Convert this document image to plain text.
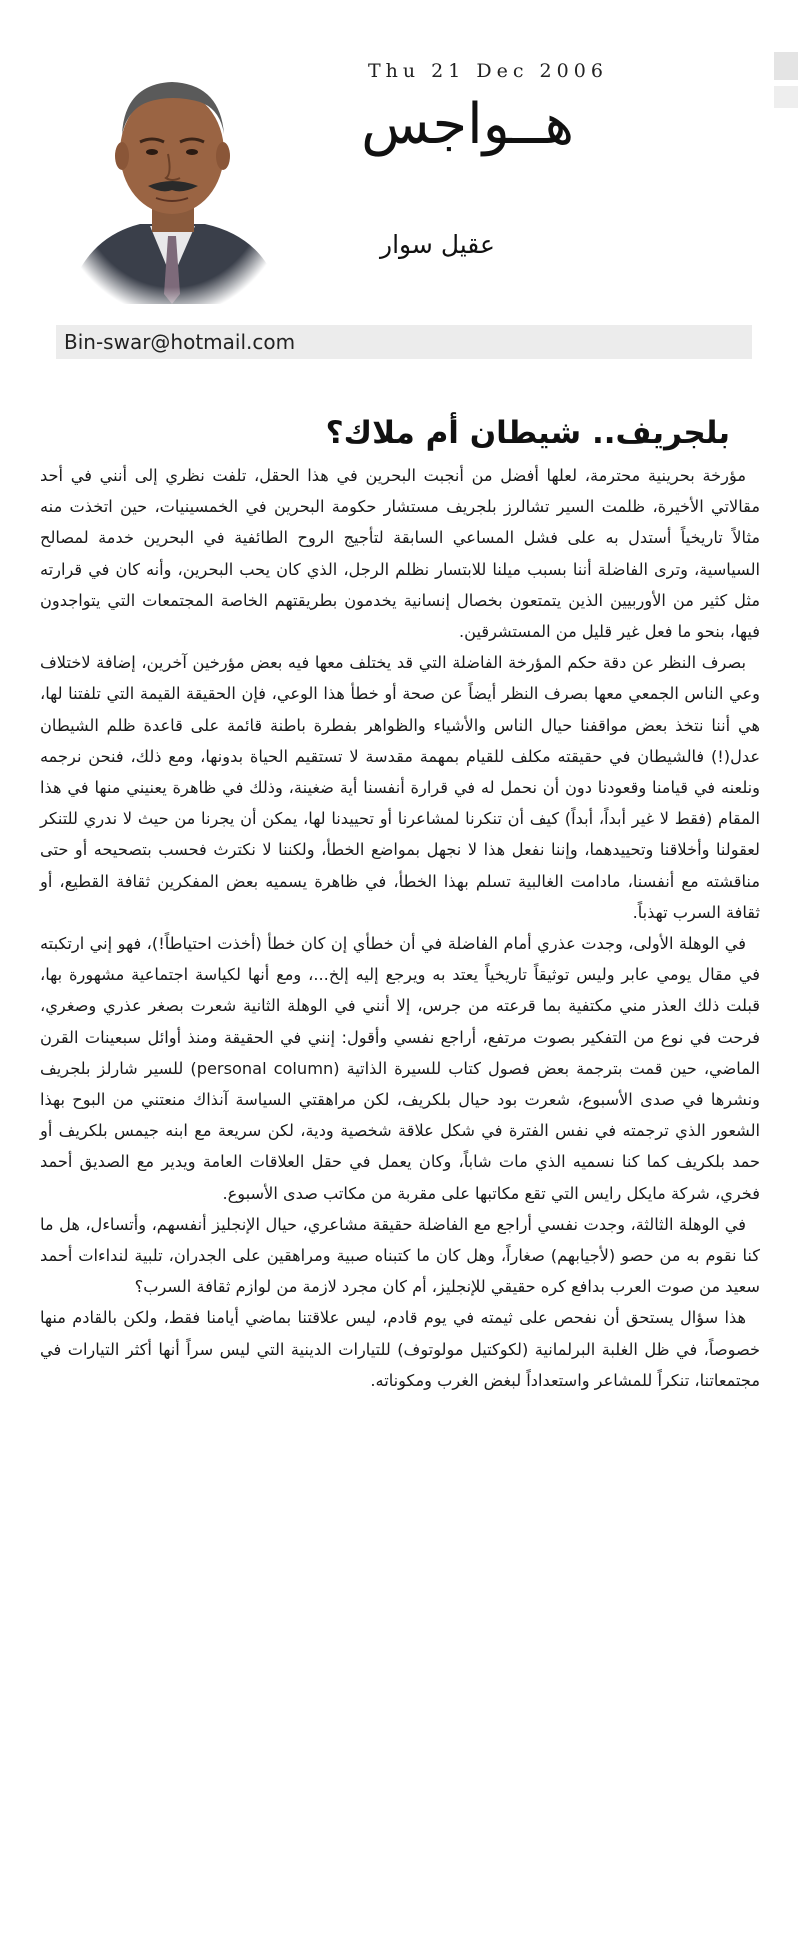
Thu 21 Dec 2006
هــواجس
عقيل سوار
Bin-swar@hotmail.com
بلجريف.. شيطان أم ملاك؟

مؤرخة بحرينية محترمة، لعلها أفضل من أنجبت البحرين في هذا الحقل، تلفت نظري إلى أنني في أحد مقالاتي الأخيرة، ظلمت السير تشالرز بلجريف مستشار حكومة البحرين في الخمسينيات، حين اتخذت منه مثالاً تاريخياً أستدل به على فشل المساعي السابقة لتأجيج الروح الطائفية في البحرين خدمة لمصالح السياسية، وترى الفاضلة أننا بسبب ميلنا للابتسار نظلم الرجل، الذي كان يحب البحرين، وأنه كان في قرارته مثل كثير من الأوربيين الذين يتمتعون بخصال إنسانية يخدمون بطريقتهم الخاصة المجتمعات التي يتواجدون فيها، بنحو ما فعل غير قليل من المستشرقين.

بصرف النظر عن دقة حكم المؤرخة الفاضلة التي قد يختلف معها فيه بعض مؤرخين آخرين، إضافة لاختلاف وعي الناس الجمعي معها بصرف النظر أيضاً عن صحة أو خطأ هذا الوعي، فإن الحقيقة القيمة التي تلفتنا لها، هي أننا نتخذ بعض مواقفنا حيال الناس والأشياء والظواهر بفطرة باطنة قائمة على قاعدة ظلم الشيطان عدل(!) فالشيطان في حقيقته مكلف للقيام بمهمة مقدسة لا تستقيم الحياة بدونها، ومع ذلك، فنحن نرجمه ونلعنه في قيامنا وقعودنا دون أن نحمل له في قرارة أنفسنا أية ضغينة، وذلك في ظاهرة يعنيني منها في هذا المقام (فقط لا غير أبداً، أبداً) كيف أن تنكرنا لمشاعرنا أو تحييدنا لها، يمكن أن يجرنا من حيث لا ندري للتنكر لعقولنا وأخلاقنا وتحييدهما، وإننا نفعل هذا لا نجهل بمواضع الخطأ، ولكننا لا نكترث فحسب بتصحيحه أو حتى مناقشته مع أنفسنا، مادامت الغالبية تسلم بهذا الخطأ، في ظاهرة يسميه بعض المفكرين ثقافة القطيع، أو ثقافة السرب تهذباً.

في الوهلة الأولى، وجدت عذري أمام الفاضلة في أن خطأي إن كان خطأ (أخذت احتياطاً!)، فهو إني ارتكبته في مقال يومي عابر وليس توثيقاً تاريخياً يعتد به ويرجع إليه إلخ...، ومع أنها لكياسة اجتماعية مشهورة بها، قبلت ذلك العذر مني مكتفية بما قرعته من جرس، إلا أنني في الوهلة الثانية شعرت بصغر عذري وصغري، فرحت في نوع من التفكير بصوت مرتفع، أراجع نفسي وأقول: إنني في الحقيقة ومنذ أوائل سبعينات القرن الماضي، حين قمت بترجمة بعض فصول كتاب للسيرة الذاتية (personal column) للسير شارلز بلجريف ونشرها في صدى الأسبوع، شعرت بود حيال بلكريف، لكن مراهقتي السياسة آنذاك منعتني من البوح بهذا الشعور الذي ترجمته في نفس الفترة في شكل علاقة شخصية ودية، لكن سريعة مع ابنه جيمس بلكريف أو حمد بلكريف كما كنا نسميه الذي مات شاباً، وكان يعمل في حقل العلاقات العامة ويدير مع الصديق أحمد فخري، شركة مايكل رايس التي تقع مكاتبها على مقربة من مكاتب صدى الأسبوع.

في الوهلة الثالثة، وجدت نفسي أراجع مع الفاضلة حقيقة مشاعري، حيال الإنجليز أنفسهم، وأتساءل، هل ما كنا نقوم به من حصو (لأجيابهم) صغاراً، وهل كان ما كتبناه صبية ومراهقين على الجدران، تلبية لنداءات أحمد سعيد من صوت العرب بدافع كره حقيقي للإنجليز، أم كان مجرد لازمة من لوازم ثقافة السرب؟

هذا سؤال يستحق أن نفحص على ثيمته في يوم قادم، ليس علاقتنا بماضي أيامنا فقط، ولكن بالقادم منها خصوصاً، في ظل الغلبة البرلمانية (لكوكتيل مولوتوف) للتيارات الدينية التي ليس سراً أنها أكثر التيارات في مجتمعاتنا، تنكراً للمشاعر واستعداداً لبغض الغرب ومكوناته.
